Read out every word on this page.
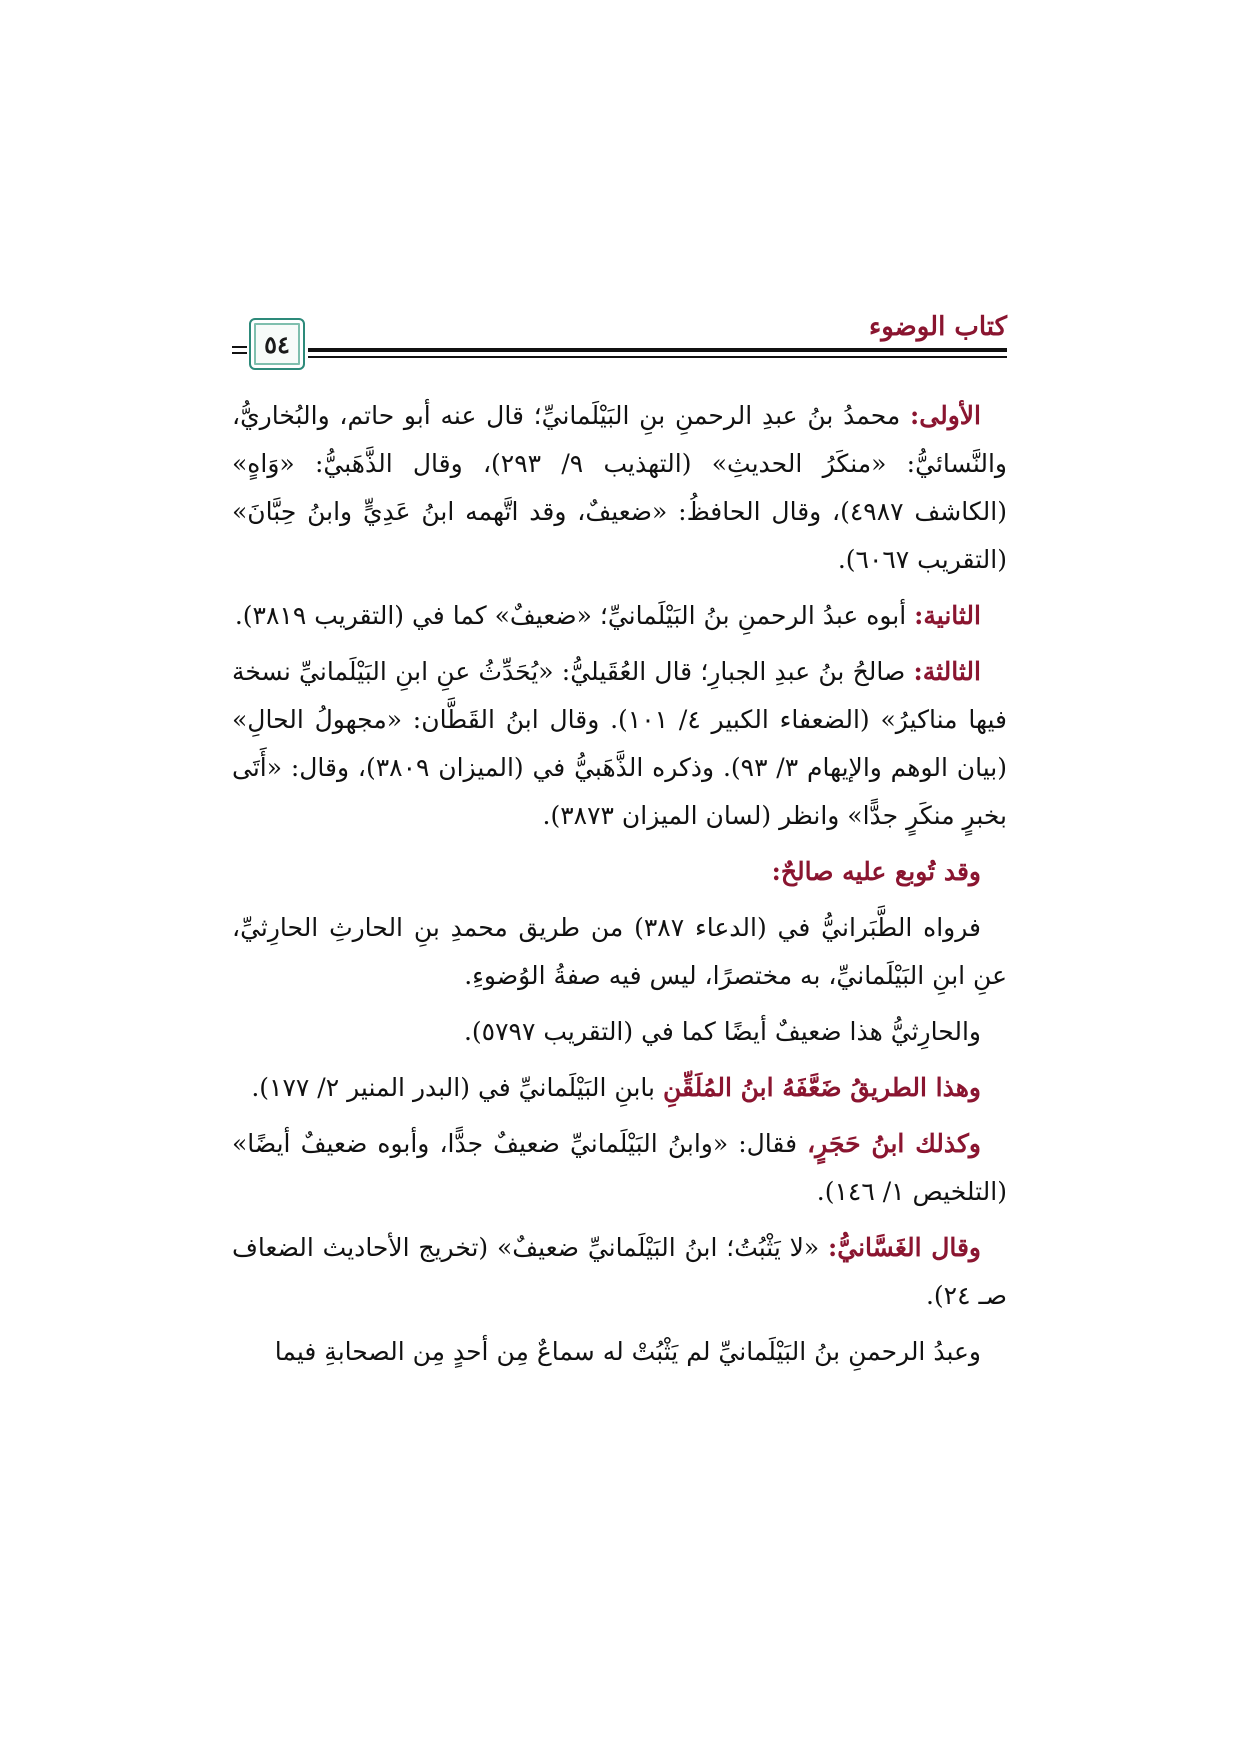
٥٤
كتاب الوضوء

الأولى: محمدُ بنُ عبدِ الرحمنِ بنِ البَيْلَمانيِّ؛ قال عنه أبو حاتم، والبُخاريُّ، والنَّسائيُّ: «منكَرُ الحديثِ» (التهذيب ٩/ ٢٩٣)، وقال الذَّهَبيُّ: «وَاهٍ» (الكاشف ٤٩٨٧)، وقال الحافظُ: «ضعيفٌ، وقد اتَّهمه ابنُ عَدِيٍّ وابنُ حِبَّانَ» (التقريب ٦٠٦٧).

الثانية: أبوه عبدُ الرحمنِ بنُ البَيْلَمانيِّ؛ «ضعيفٌ» كما في (التقريب ٣٨١٩).

الثالثة: صالحُ بنُ عبدِ الجبارِ؛ قال العُقَيليُّ: «يُحَدِّثُ عنِ ابنِ البَيْلَمانيِّ نسخة فيها مناكيرُ» (الضعفاء الكبير ٤/ ١٠١). وقال ابنُ القَطَّان: «مجهولُ الحالِ» (بيان الوهم والإيهام ٣/ ٩٣). وذكره الذَّهَبيُّ في (الميزان ٣٨٠٩)، وقال: «أَتَى بخبرٍ منكَرٍ جدًّا» وانظر (لسان الميزان ٣٨٧٣).

وقد تُوبع عليه صالحٌ:

فرواه الطَّبَرانيُّ في (الدعاء ٣٨٧) من طريق محمدِ بنِ الحارثِ الحارِثيِّ، عنِ ابنِ البَيْلَمانيِّ، به مختصرًا، ليس فيه صفةُ الوُضوءِ.

والحارِثيُّ هذا ضعيفٌ أيضًا كما في (التقريب ٥٧٩٧).

وهذا الطريقُ ضَعَّفَهُ ابنُ المُلَقِّنِ بابنِ البَيْلَمانيِّ في (البدر المنير ٢/ ١٧٧).

وكذلك ابنُ حَجَرٍ، فقال: «وابنُ البَيْلَمانيِّ ضعيفٌ جدًّا، وأبوه ضعيفٌ أيضًا» (التلخيص ١/ ١٤٦).

وقال الغَسَّانيُّ: «لا يَثْبُتُ؛ ابنُ البَيْلَمانيِّ ضعيفٌ» (تخريج الأحاديث الضعاف صـ ٢٤).

وعبدُ الرحمنِ بنُ البَيْلَمانيِّ لم يَثْبُتْ له سماعٌ مِن أحدٍ مِن الصحابةِ فيما
